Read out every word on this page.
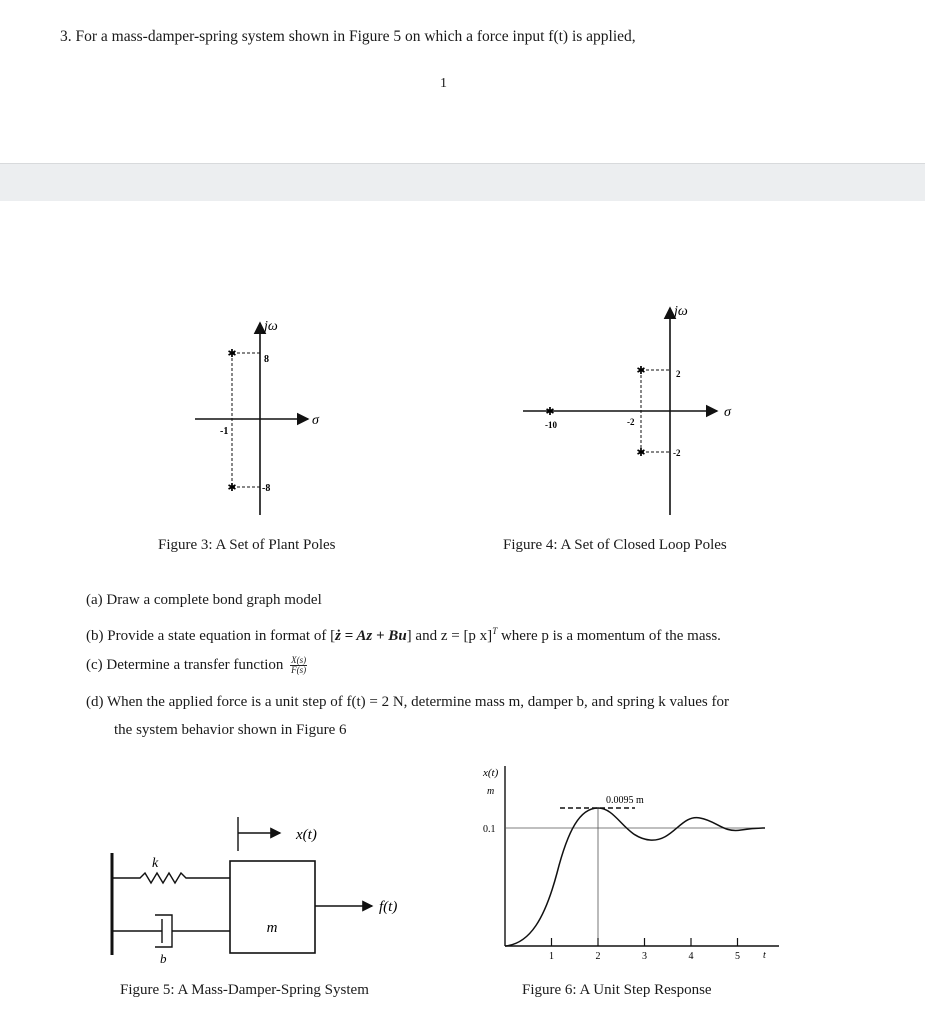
3. For a mass-damper-spring system shown in Figure 5 on which a force input f(t) is applied,
1
jω
σ
✱
✱
8
-8
-1
Figure 3: A Set of Plant Poles
jω
σ
✱
-10
✱
✱
-2
2
-2
Figure 4: A Set of Closed Loop Poles
(a) Draw a complete bond graph model
(b) Provide a state equation in format of [ż = Az + Bu] and z = [p x]$^T$ where p is a momentum of the mass.
(c) Determine a transfer function $\frac{X(s)}{F(s)}$
(d) When the applied force is a unit step of f(t) = 2 N, determine mass m, damper b, and spring k values for
the system behavior shown in Figure 6
k
b
m
x(t)
f(t)
Figure 5: A Mass-Damper-Spring System
x(t)
m
0.1
0.0095 m
1	2	3	4	5 t
Figure 6: A Unit Step Response
